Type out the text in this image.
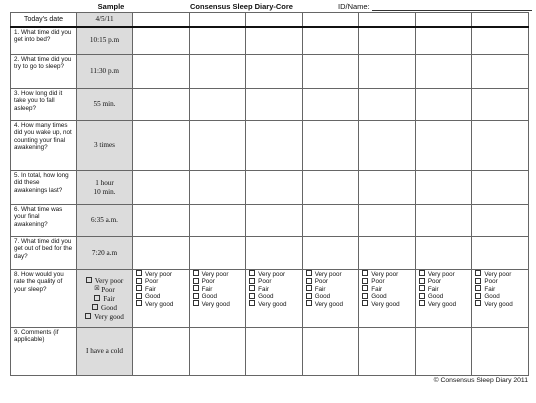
Sample	Consensus Sleep Diary-Core	ID/Name:
Today's date	4/5/11							
1. What time did you get into bed?	10:15 p.m							
2. What time did you try to go to sleep?	11:30 p.m							
3. How long did it take you to fall asleep?	55 min.							
4. How many times did you wake up, not counting your final awakening?	3 times							
5. In total, how long did these awakenings last?	1 hour
10 min.							

6. What time was your final awakening?	6:35 a.m.							
7. What time did you get out of bed for the day?	7:20 a.m							
8. How would you rate the quality of your sleep?	Very poor
☒ Poor
Fair
Good
Very good	Very poor
Poor
Fair
Good
Very good	Very poor
Poor
Fair
Good
Very good	Very poor
Poor
Fair
Good
Very good	Very poor
Poor
Fair
Good
Very good	Very poor
Poor
Fair
Good
Very good	Very poor
Poor
Fair
Good
Very good	Very poor
Poor
Fair
Good
Very good

9. Comments (if applicable)	I have a cold							
© Consensus Sleep Diary 2011
